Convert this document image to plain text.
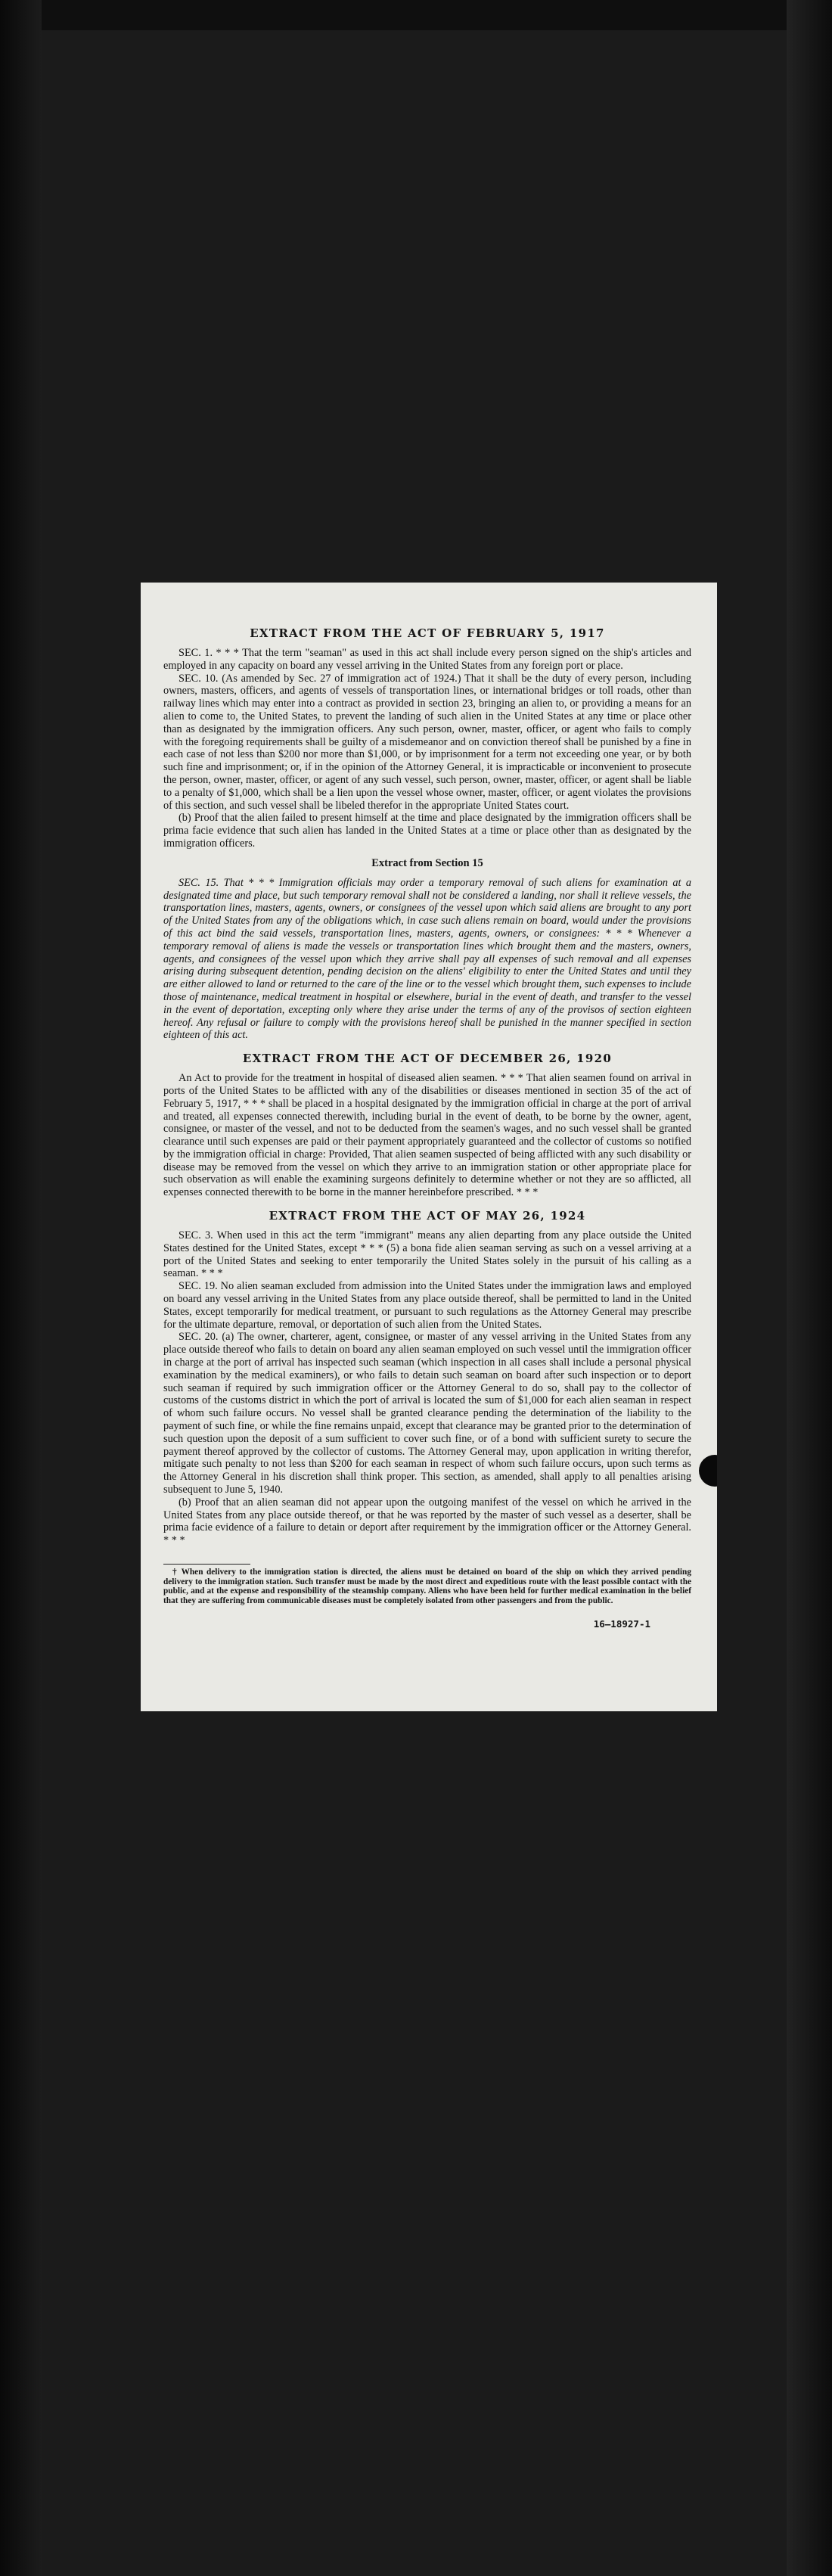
EXTRACT FROM THE ACT OF FEBRUARY 5, 1917

SEC. 1. * * * That the term "seaman" as used in this act shall include every person signed on the ship's articles and employed in any capacity on board any vessel arriving in the United States from any foreign port or place.

SEC. 10. (As amended by Sec. 27 of immigration act of 1924.) That it shall be the duty of every person, including owners, masters, officers, and agents of vessels of transportation lines, or international bridges or toll roads, other than railway lines which may enter into a contract as provided in section 23, bringing an alien to, or providing a means for an alien to come to, the United States, to prevent the landing of such alien in the United States at any time or place other than as designated by the immigration officers. Any such person, owner, master, officer, or agent who fails to comply with the foregoing requirements shall be guilty of a misdemeanor and on conviction thereof shall be punished by a fine in each case of not less than $200 nor more than $1,000, or by imprisonment for a term not exceeding one year, or by both such fine and imprisonment; or, if in the opinion of the Attorney General, it is impracticable or inconvenient to prosecute the person, owner, master, officer, or agent of any such vessel, such person, owner, master, officer, or agent shall be liable to a penalty of $1,000, which shall be a lien upon the vessel whose owner, master, officer, or agent violates the provisions of this section, and such vessel shall be libeled therefor in the appropriate United States court.

(b) Proof that the alien failed to present himself at the time and place designated by the immigration officers shall be prima facie evidence that such alien has landed in the United States at a time or place other than as designated by the immigration officers.

Extract from Section 15

SEC. 15. That * * * Immigration officials may order a temporary removal of such aliens for examination at a designated time and place, but such temporary removal shall not be considered a landing, nor shall it relieve vessels, the transportation lines, masters, agents, owners, or consignees of the vessel upon which said aliens are brought to any port of the United States from any of the obligations which, in case such aliens remain on board, would under the provisions of this act bind the said vessels, transportation lines, masters, agents, owners, or consignees: * * * Whenever a temporary removal of aliens is made the vessels or transportation lines which brought them and the masters, owners, agents, and consignees of the vessel upon which they arrive shall pay all expenses of such removal and all expenses arising during subsequent detention, pending decision on the aliens' eligibility to enter the United States and until they are either allowed to land or returned to the care of the line or to the vessel which brought them, such expenses to include those of maintenance, medical treatment in hospital or elsewhere, burial in the event of death, and transfer to the vessel in the event of deportation, excepting only where they arise under the terms of any of the provisos of section eighteen hereof. Any refusal or failure to comply with the provisions hereof shall be punished in the manner specified in section eighteen of this act.

EXTRACT FROM THE ACT OF DECEMBER 26, 1920

An Act to provide for the treatment in hospital of diseased alien seamen. * * * That alien seamen found on arrival in ports of the United States to be afflicted with any of the disabilities or diseases mentioned in section 35 of the act of February 5, 1917, * * * shall be placed in a hospital designated by the immigration official in charge at the port of arrival and treated, all expenses connected therewith, including burial in the event of death, to be borne by the owner, agent, consignee, or master of the vessel, and not to be deducted from the seamen's wages, and no such vessel shall be granted clearance until such expenses are paid or their payment appropriately guaranteed and the collector of customs so notified by the immigration official in charge: Provided, That alien seamen suspected of being afflicted with any such disability or disease may be removed from the vessel on which they arrive to an immigration station or other appropriate place for such observation as will enable the examining surgeons definitely to determine whether or not they are so afflicted, all expenses connected therewith to be borne in the manner hereinbefore prescribed. * * *

EXTRACT FROM THE ACT OF MAY 26, 1924

SEC. 3. When used in this act the term "immigrant" means any alien departing from any place outside the United States destined for the United States, except * * * (5) a bona fide alien seaman serving as such on a vessel arriving at a port of the United States and seeking to enter temporarily the United States solely in the pursuit of his calling as a seaman. * * *

SEC. 19. No alien seaman excluded from admission into the United States under the immigration laws and employed on board any vessel arriving in the United States from any place outside thereof, shall be permitted to land in the United States, except temporarily for medical treatment, or pursuant to such regulations as the Attorney General may prescribe for the ultimate departure, removal, or deportation of such alien from the United States.

SEC. 20. (a) The owner, charterer, agent, consignee, or master of any vessel arriving in the United States from any place outside thereof who fails to detain on board any alien seaman employed on such vessel until the immigration officer in charge at the port of arrival has inspected such seaman (which inspection in all cases shall include a personal physical examination by the medical examiners), or who fails to detain such seaman on board after such inspection or to deport such seaman if required by such immigration officer or the Attorney General to do so, shall pay to the collector of customs of the customs district in which the port of arrival is located the sum of $1,000 for each alien seaman in respect of whom such failure occurs. No vessel shall be granted clearance pending the determination of the liability to the payment of such fine, or while the fine remains unpaid, except that clearance may be granted prior to the determination of such question upon the deposit of a sum sufficient to cover such fine, or of a bond with sufficient surety to secure the payment thereof approved by the collector of customs. The Attorney General may, upon application in writing therefor, mitigate such penalty to not less than $200 for each seaman in respect of whom such failure occurs, upon such terms as the Attorney General in his discretion shall think proper. This section, as amended, shall apply to all penalties arising subsequent to June 5, 1940.

(b) Proof that an alien seaman did not appear upon the outgoing manifest of the vessel on which he arrived in the United States from any place outside thereof, or that he was reported by the master of such vessel as a deserter, shall be prima facie evidence of a failure to detain or deport after requirement by the immigration officer or the Attorney General. * * *

† When delivery to the immigration station is directed, the aliens must be detained on board of the ship on which they arrived pending delivery to the immigration station. Such transfer must be made by the most direct and expeditious route with the least possible contact with the public, and at the expense and responsibility of the steamship company. Aliens who have been held for further medical examination in the belief that they are suffering from communicable diseases must be completely isolated from other passengers and from the public.

16—18927-1
